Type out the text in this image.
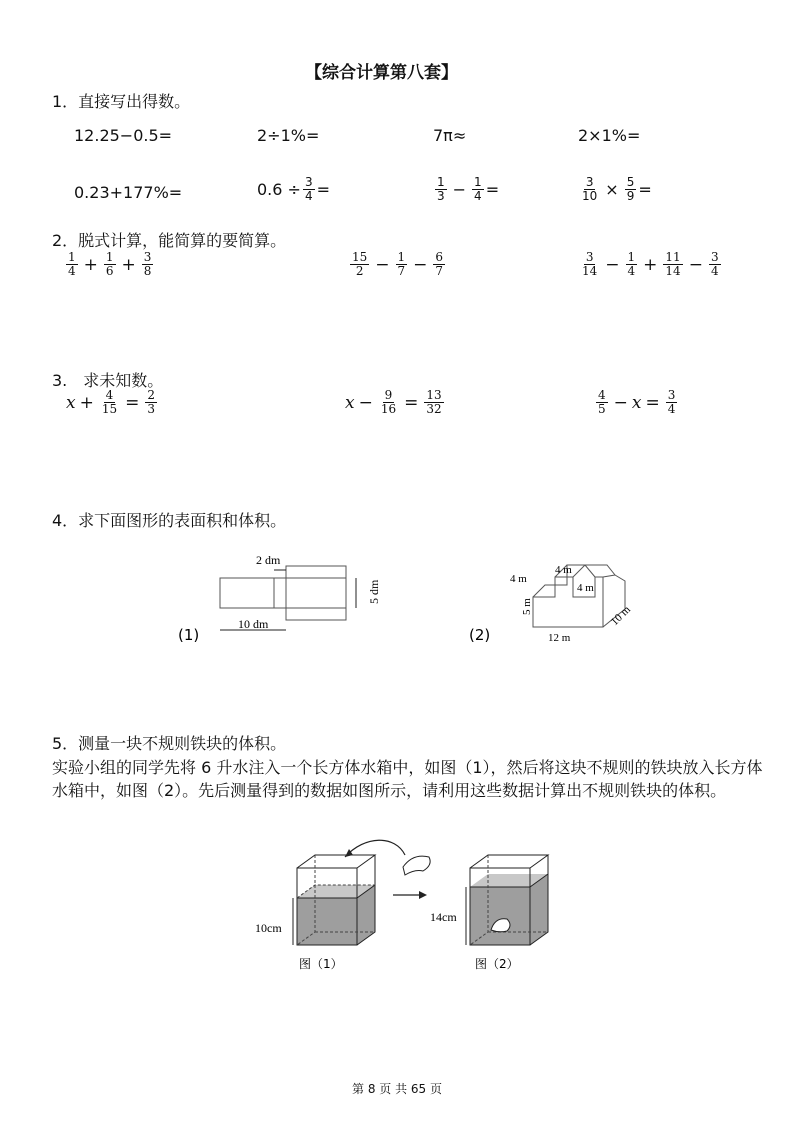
【综合计算第八套】
1．直接写出得数。
12.25−0.5=	2÷1%=	7π≈	2×1%=
0.23+177%=	$0.6 \div \frac{3}{4}$ =	$\frac{1}{3} - \frac{1}{4}$ =	$\frac{3}{10} \times \frac{5}{9}$ =
2．脱式计算，能简算的要简算。
$\frac{1}{4} + \frac{1}{6} + \frac{3}{8}$	$\frac{15}{2} - \frac{1}{7} - \frac{6}{7}$	$\frac{3}{14} - \frac{1}{4} + \frac{11}{14} - \frac{3}{4}$
3.　求未知数。
$x + \frac{4}{15} = \frac{2}{3}$	$x - \frac{9}{16} = \frac{13}{32}$	$\frac{4}{5} - x = \frac{3}{4}$
4．求下面图形的表面积和体积。
2 dm
5 dm
10 dm
(1)
4 m
4 m
4 m
5 m
12 m
10 m
(2)
5．测量一块不规则铁块的体积。
实验小组的同学先将 6 升水注入一个长方体水箱中，如图（1），然后将这块不规则的铁块放入长方体水箱中，如图（2）。先后测量得到的数据如图所示，请利用这些数据计算出不规则铁块的体积。
10cm
14cm
图（1）	图（2）
第 8 页 共 65 页
